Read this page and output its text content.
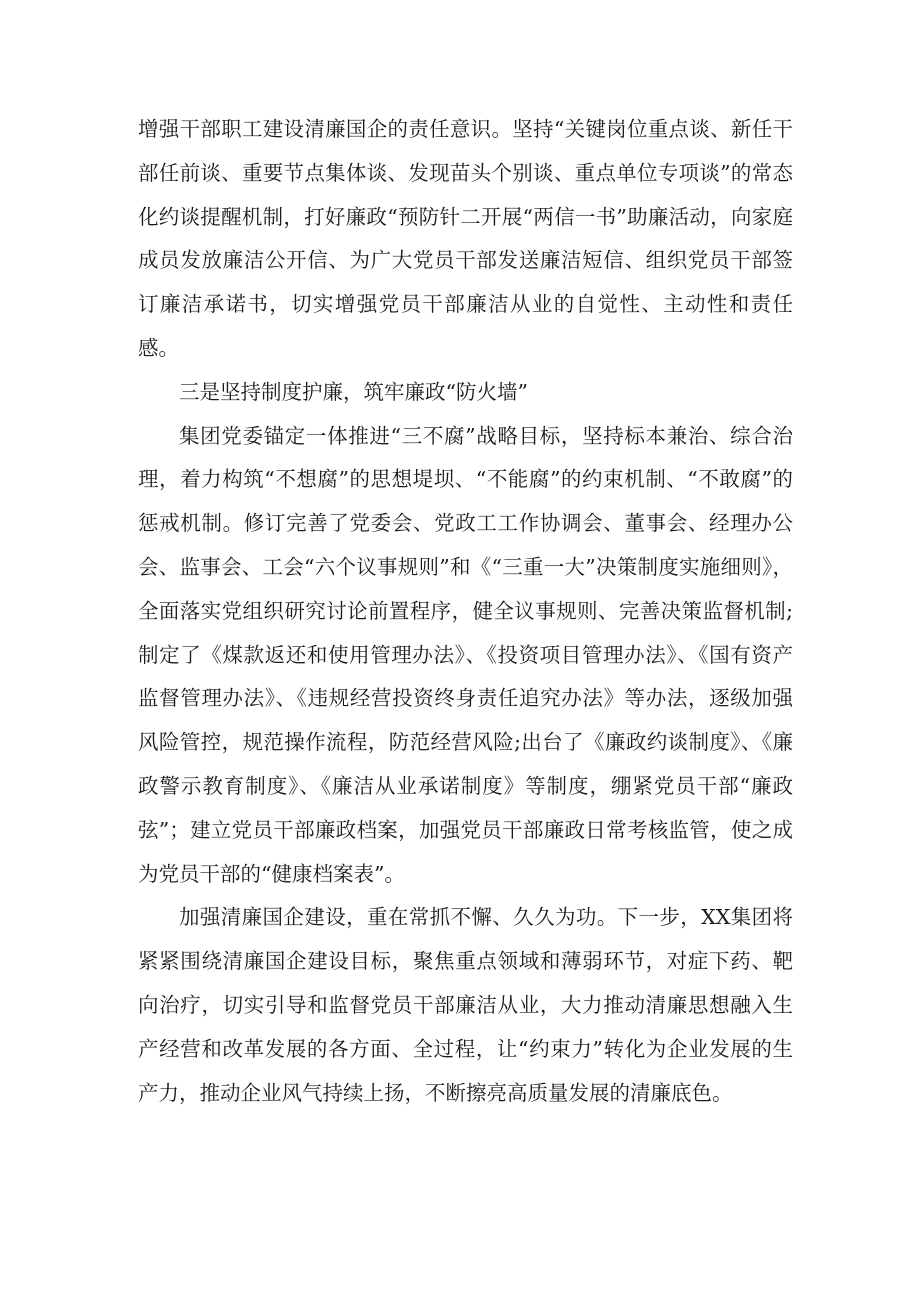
增强干部职工建设清廉国企的责任意识。坚持“关键岗位重点谈、新任干部任前谈、重要节点集体谈、发现苗头个别谈、重点单位专项谈”的常态化约谈提醒机制，打好廉政“预防针二开展“两信一书”助廉活动，向家庭成员发放廉洁公开信、为广大党员干部发送廉洁短信、组织党员干部签订廉洁承诺书，切实增强党员干部廉洁从业的自觉性、主动性和责任感。

三是坚持制度护廉，筑牢廉政“防火墙”

集团党委锚定一体推进“三不腐”战略目标，坚持标本兼治、综合治理，着力构筑“不想腐”的思想堤坝、“不能腐”的约束机制、“不敢腐”的惩戒机制。修订完善了党委会、党政工工作协调会、董事会、经理办公会、监事会、工会“六个议事规则”和《“三重一大”决策制度实施细则》，全面落实党组织研究讨论前置程序，健全议事规则、完善决策监督机制;制定了《煤款返还和使用管理办法》、《投资项目管理办法》、《国有资产监督管理办法》、《违规经营投资终身责任追究办法》等办法，逐级加强风险管控，规范操作流程，防范经营风险;出台了《廉政约谈制度》、《廉政警示教育制度》、《廉洁从业承诺制度》等制度，绷紧党员干部“廉政弦”；建立党员干部廉政档案，加强党员干部廉政日常考核监管，使之成为党员干部的“健康档案表”。

加强清廉国企建设，重在常抓不懈、久久为功。下一步，XX集团将紧紧围绕清廉国企建设目标，聚焦重点领域和薄弱环节，对症下药、靶向治疗，切实引导和监督党员干部廉洁从业，大力推动清廉思想融入生产经营和改革发展的各方面、全过程，让“约束力”转化为企业发展的生产力，推动企业风气持续上扬，不断擦亮高质量发展的清廉底色。
